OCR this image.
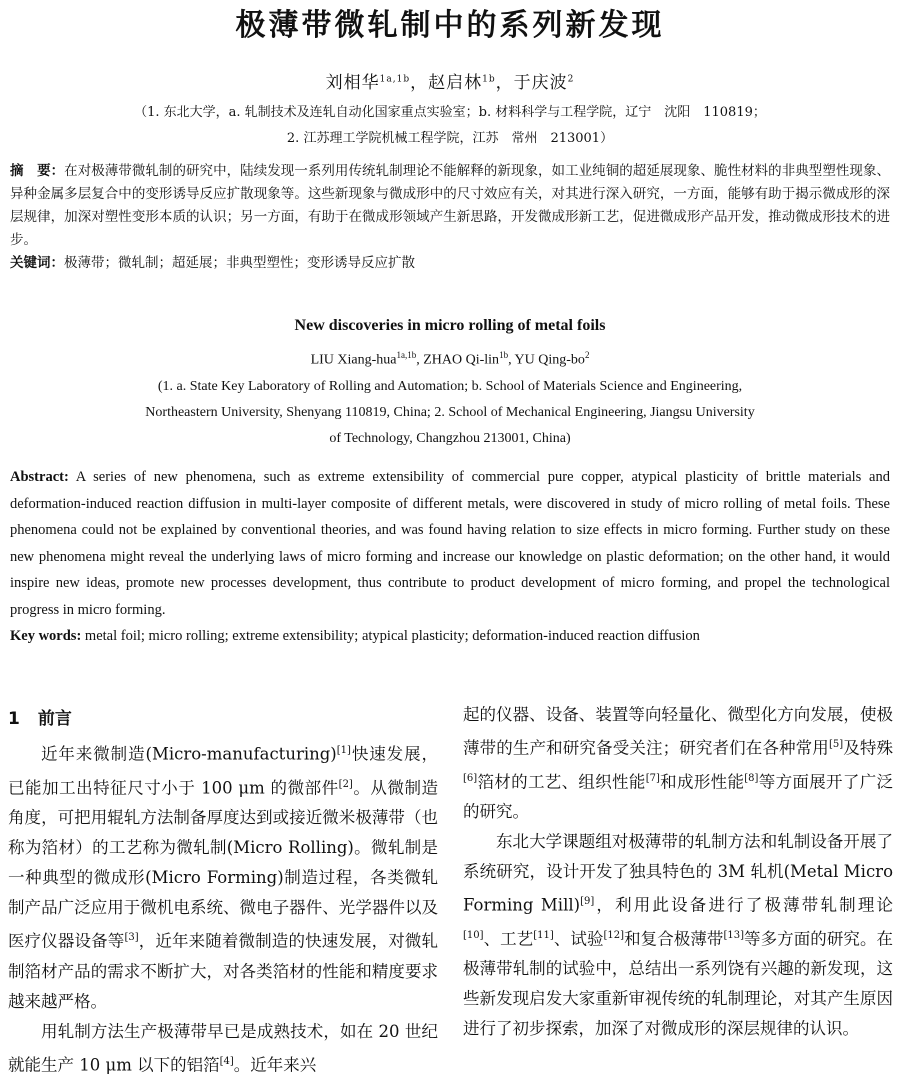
极薄带微轧制中的系列新发现
刘相华$^{1a,1b}$，赵启林$^{1b}$，于庆波$^2$
（1. 东北大学，a. 轧制技术及连轧自动化国家重点实验室；b. 材料科学与工程学院，辽宁　沈阳　110819；
2. 江苏理工学院机械工程学院，江苏　常州　213001）
摘　要：在对极薄带微轧制的研究中，陆续发现一系列用传统轧制理论不能解释的新现象，如工业纯铜的超延展现象、脆性材料的非典型塑性现象、异种金属多层复合中的变形诱导反应扩散现象等。这些新现象与微成形中的尺寸效应有关，对其进行深入研究，一方面，能够有助于揭示微成形的深层规律，加深对塑性变形本质的认识；另一方面，有助于在微成形领域产生新思路，开发微成形新工艺，促进微成形产品开发，推动微成形技术的进步。
关键词：极薄带；微轧制；超延展；非典型塑性；变形诱导反应扩散
New discoveries in micro rolling of metal foils
LIU Xiang-hua$^{1a,1b}$, ZHAO Qi-lin$^{1b}$, YU Qing-$bo^2$
(1. a. State Key Laboratory of Rolling and Automation; b. School of Materials Science and Engineering,
Northeastern University, Shenyang 110819, China; 2. School of Mechanical Engineering, Jiangsu University
of Technology, Changzhou 213001, China)
Abstract: A series of new phenomena, such as extreme extensibility of commercial pure copper, atypical plasticity of brittle materials and deformation-induced reaction diffusion in multi-layer composite of different metals, were discovered in study of micro rolling of metal foils. These phenomena could not be explained by conventional theories, and was found having relation to size effects in micro forming. Further study on these new phenomena might reveal the underlying laws of micro forming and increase our knowledge on plastic deformation; on the other hand, it would inspire new ideas, promote new processes development, thus contribute to product development of micro forming, and propel the technological progress in micro forming.
Key words: metal foil; micro rolling; extreme extensibility; atypical plasticity; deformation-induced reaction diffusion
1 前言

近年来微制造(Micro-manufacturing)[1]快速发展，已能加工出特征尺寸小于 100 μm 的微部件[2]。从微制造角度，可把用辊轧方法制备厚度达到或接近微米极薄带（也称为箔材）的工艺称为微轧制(Micro Rolling)。微轧制是一种典型的微成形(Micro Forming)制造过程，各类微轧制产品广泛应用于微机电系统、微电子器件、光学器件以及医疗仪器设备等[3]，近年来随着微制造的快速发展，对微轧制箔材产品的需求不断扩大，对各类箔材的性能和精度要求越来越严格。

用轧制方法生产极薄带早已是成熟技术，如在 20 世纪就能生产 10 μm 以下的铝箔[4]。近年来兴

起的仪器、设备、装置等向轻量化、微型化方向发展，使极薄带的生产和研究备受关注；研究者们在各种常用[5]及特殊[6]箔材的工艺、组织性能[7]和成形性能[8]等方面展开了广泛的研究。

东北大学课题组对极薄带的轧制方法和轧制设备开展了系统研究，设计开发了独具特色的 3M 轧机(Metal Micro Forming Mill)[9]，利用此设备进行了极薄带轧制理论[10]、工艺[11]、试验[12]和复合极薄带[13]等多方面的研究。在极薄带轧制的试验中，总结出一系列饶有兴趣的新发现，这些新发现启发大家重新审视传统的轧制理论，对其产生原因进行了初步探索，加深了对微成形的深层规律的认识。
